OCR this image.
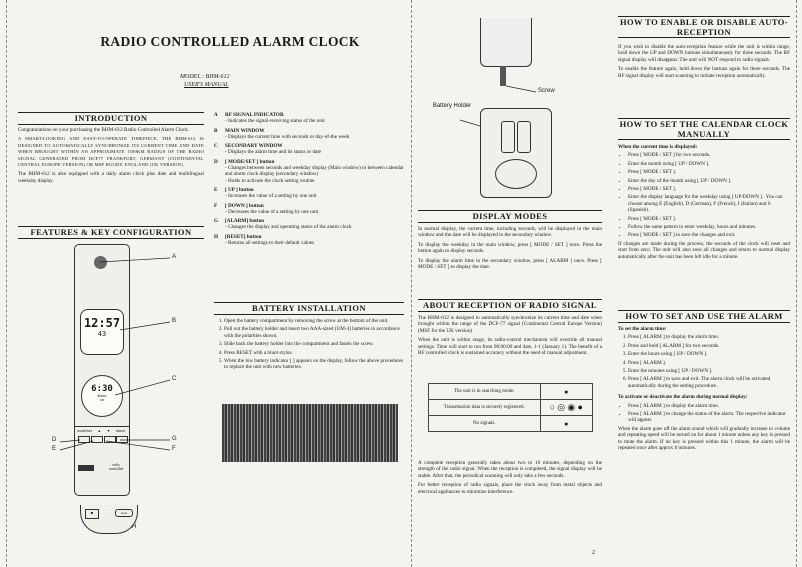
RADIO CONTROLLED ALARM CLOCK
MODEL : BHM-612
USER'S MANUAL
INTRODUCTION

Congratulations on your purchasing the BHM-612 Radio Controlled Alarm Clock.

A SMART-LOOKING AND EASY-TO-OPERATE TIMEPIECE, THE BHM-612 IS DESIGNED TO AUTOMATICALLY SYNCHRONIZE ITS CURRENT TIME AND DATE WHEN BROUGHT WITHIN AN APPROXIMATE 1500KM RADIUS OF THE RADIO SIGNAL GENERATED FROM DCF77 FRANKFURT, GERMANY (CONTINENTAL CENTRAL EUROPE VERSION) OR MSF RUGBY, ENGLAND (UK VERSION).

The BHM-612 is also equipped with a daily alarm clock plus date and multilingual weekday display.

FEATURES & KEY CONFIGURATION
12:57
43
6:30
alarm
on
mode/set ▲ ▼ alarm
radio controlled
A
B
C
D
E
G
F
H
■	reset
A RF SIGNAL INDICATOR
- Indicates the signal-receiving status of the unit
B MAIN WINDOW
- Displays the current time with seconds or day-of-the week
C SECONDARY WINDOW
- Displays the alarm time and its status or date
D [ MODE/SET ] button
- Changes between seconds and weekday display (Main window) or between calendar and alarm clock display (secondary window)
- Holds to activate the clock setting routine
E [ UP ] button
- Increases the value of a setting by one unit
F [ DOWN ] button
- Decreases the value of a setting by one unit
G [ALARM] button
- Changes the display and operating status of the alarm clock
H [RESET] button
- Returns all settings to their default values
BATTERY INSTALLATION
1. Open the battery compartment by removing the screw at the bottom of the unit.
2. Pull out the battery holder and insert two AAA-sized (UM-4) batteries in accordance with the polarities shown.
3. Slide back the battery holder into the compartment and fasten the screw.
4. Press RESET with a blunt stylus.
5. When the low battery indicator [ ] appears on the display, follow the above procedures to replace the unit with new batteries.
Screw
Battery Holder
DISPLAY MODES

In normal display, the current time, including seconds, will be displayed in the main window and the date will be displayed in the secondary window.

To display the weekday in the main window, press [ MODE / SET ] once. Press the button again to display seconds.

To display the alarm time in the secondary window, press [ ALARM ] once. Press [ MODE / SET ] to display the date.

ABOUT RECEPTION OF RADIO SIGNAL

The BHM-612 is designed to automatically synchronize its current time and date when brought within the range of the DCF-77 signal (Continental Central Europe Version) (MSF for the UK version)

When the unit is within range, its radio-control mechanism will override all manual settings. Time will start to run from 00:00:00 and date, 1-1 (January 1). The benefit of a RF controlled clock is sustained accuracy without the need of manual adjustment.

The unit is in searching mode.	●
Transmission data is securely registered.	○ ◎ ◉ ●
No signals.	●

A complete reception generally takes about two to 10 minutes, depending on the strength of the radio signal. When the reception is completed, the signal display will be stable. After that, the periodical scanning will only take a few seconds.

For better reception of radio signals, place the clock away from metal objects and electrical appliances to minimize interference.

HOW TO ENABLE OR DISABLE AUTO-
RECEPTION

If you wish to disable the auto-reception feature while the unit is within range, hold down the UP and DOWN buttons simultaneously for three seconds. The RF signal display will disappear. The unit will NOT respond to radio signals.

To enable the feature again, hold down the buttons again for three seconds. The RF signal display will start scanning to initiate reception automatically.

HOW TO SET THE CALENDAR CLOCK
MANUALLY
When the current time is displayed:
• Press [ MODE / SET ] for two seconds.
• Enter the month using [ UP / DOWN ].
• Press [ MODE / SET ].
• Enter the day of the month using [ UP / DOWN ].
• Press [ MODE / SET ].
• Enter the display language for the weekday using [ UP/DOWN ] . You can choose among E (English), D (German), F (French), I (Italian) and S (Spanish).
• Press [ MODE / SET ].
• Follow the same pattern to enter weekday, hours and minutes.
• Press [ MODE / SET ] to save the changes and exit.

If changes are made during the process, the seconds of the clock will reset and start from zero. The unit will also save all changes and return to normal display automatically after the unit has been left idle for a minute.

HOW TO SET AND USE THE ALARM
To set the alarm time:
1. Press [ ALARM ] to display the alarm time.
2. Press and hold [ ALARM ] for two seconds.
3. Enter the hours using [ UP / DOWN ].
4. Press [ ALARM ].
5. Enter the minutes using [ UP / DOWN ].
6. Press [ ALARM ] to save and exit. The alarm clock will be activated automatically during the setting procedure.
To activate or deactivate the alarm during normal display:
• Press [ ALARM ] to display the alarm time.
• Press [ ALARM ] to change the status of the alarm. The respective indicator will appear.

When the alarm goes off the alarm sound which will gradually increase in volume and repeating speed will be turned on for about 1 minute unless any key is pressed to mute the alarm. If no key is pressed within this 1 minute, the alarm will be repeated once after approx 8 minutes.

2
